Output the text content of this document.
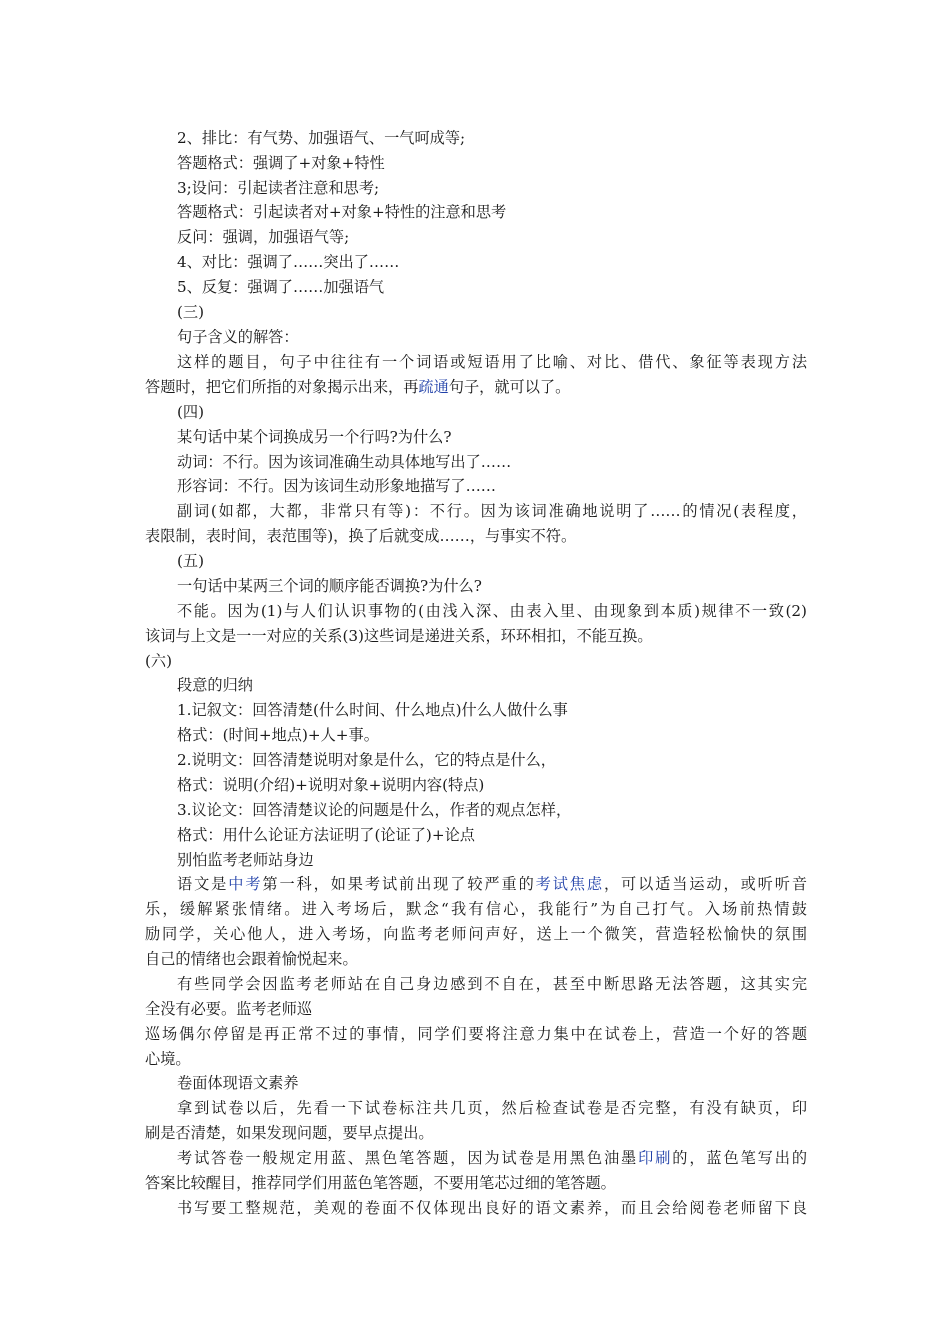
2、排比：有气势、加强语气、一气呵成等;
答题格式：强调了+对象+特性
3;设问：引起读者注意和思考;
答题格式：引起读者对+对象+特性的注意和思考
反问：强调，加强语气等;
4、对比：强调了……突出了……
5、反复：强调了……加强语气
(三)
句子含义的解答：
这样的题目，句子中往往有一个词语或短语用了比喻、对比、借代、象征等表现方法
答题时，把它们所指的对象揭示出来，再疏通句子，就可以了。
(四)
某句话中某个词换成另一个行吗?为什么?
动词：不行。因为该词准确生动具体地写出了……
形容词：不行。因为该词生动形象地描写了……
副词(如都，大都，非常只有等)：不行。因为该词准确地说明了……的情况(表程度，
表限制，表时间，表范围等)，换了后就变成……，与事实不符。
(五)
一句话中某两三个词的顺序能否调换?为什么?
不能。因为(1)与人们认识事物的(由浅入深、由表入里、由现象到本质)规律不一致(2)
该词与上文是一一对应的关系(3)这些词是递进关系，环环相扣，不能互换。
(六)
段意的归纳
1.记叙文：回答清楚(什么时间、什么地点)什么人做什么事
格式：(时间+地点)+人+事。
2.说明文：回答清楚说明对象是什么，它的特点是什么，
格式：说明(介绍)+说明对象+说明内容(特点)
3.议论文：回答清楚议论的问题是什么，作者的观点怎样，
格式：用什么论证方法证明了(论证了)+论点
别怕监考老师站身边
语文是中考第一科，如果考试前出现了较严重的考试焦虑，可以适当运动，或听听音
乐，缓解紧张情绪。进入考场后，默念“我有信心，我能行”为自己打气。入场前热情鼓
励同学，关心他人，进入考场，向监考老师问声好，送上一个微笑，营造轻松愉快的氛围
自己的情绪也会跟着愉悦起来。
有些同学会因监考老师站在自己身边感到不自在，甚至中断思路无法答题，这其实完
全没有必要。监考老师巡
巡场偶尔停留是再正常不过的事情，同学们要将注意力集中在试卷上，营造一个好的答题
心境。
卷面体现语文素养
拿到试卷以后，先看一下试卷标注共几页，然后检查试卷是否完整，有没有缺页，印
刷是否清楚，如果发现问题，要早点提出。
考试答卷一般规定用蓝、黑色笔答题，因为试卷是用黑色油墨印刷的，蓝色笔写出的
答案比较醒目，推荐同学们用蓝色笔答题，不要用笔芯过细的笔答题。
书写要工整规范，美观的卷面不仅体现出良好的语文素养，而且会给阅卷老师留下良
